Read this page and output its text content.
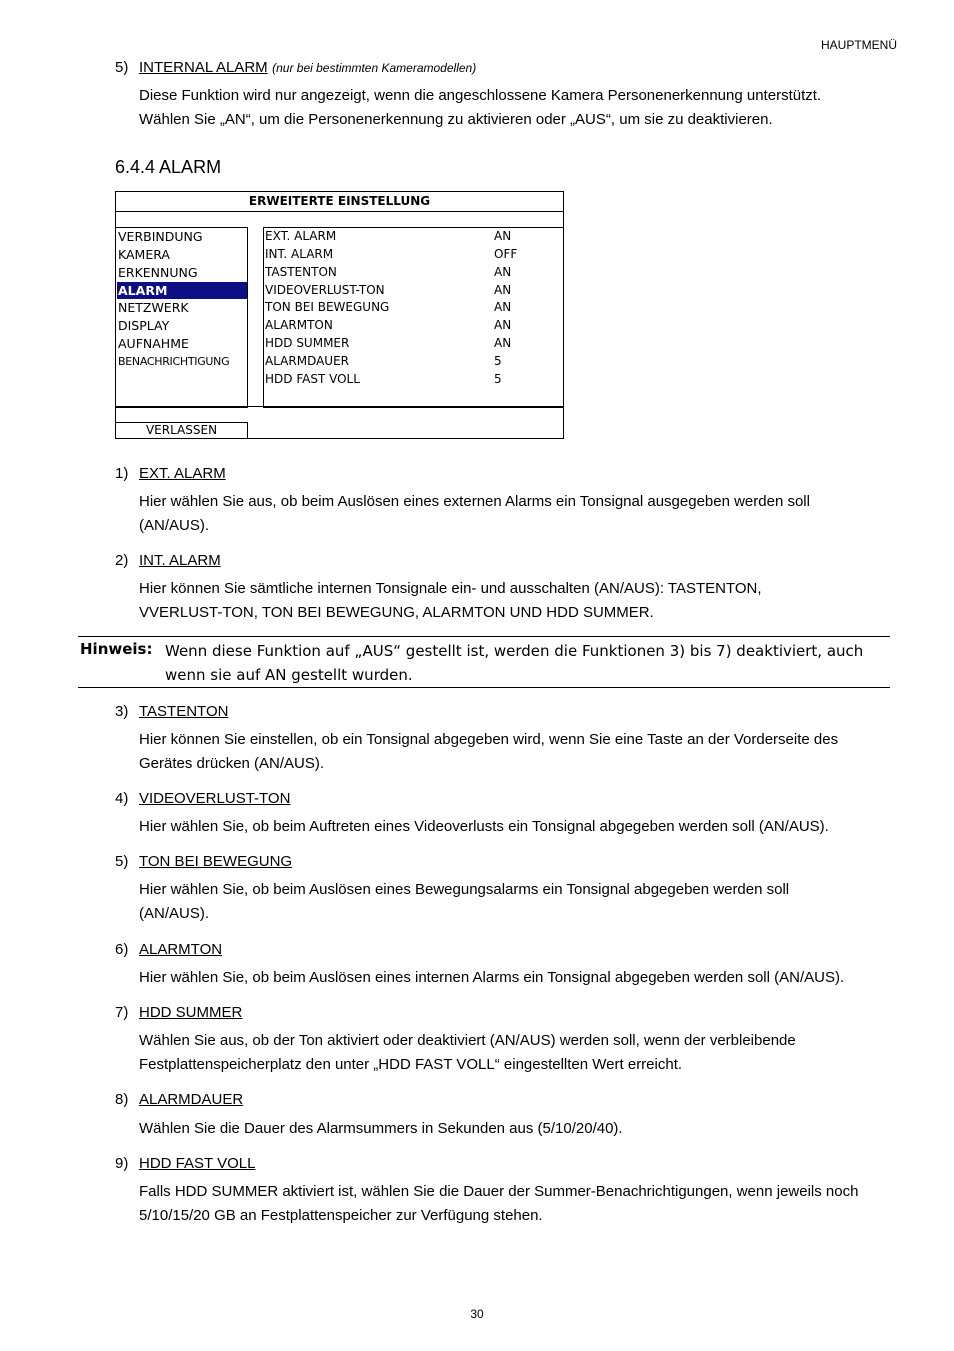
HAUPTMENÜ
5) INTERNAL ALARM (nur bei bestimmten Kameramodellen)
Diese Funktion wird nur angezeigt, wenn die angeschlossene Kamera Personenerkennung unterstützt.
Wählen Sie „AN“, um die Personenerkennung zu aktivieren oder „AUS“, um sie zu deaktivieren.
6.4.4 ALARM
ERWEITERTE EINSTELLUNG
VERBINDUNG
KAMERA
ERKENNUNG
ALARM
NETZWERK
DISPLAY
AUFNAHME
BENACHRICHTIGUNG
EXT. ALARM	AN
INT. ALARM	OFF
TASTENTON	AN
VIDEOVERLUST-TON	AN
TON BEI BEWEGUNG	AN
ALARMTON	AN
HDD SUMMER	AN
ALARMDAUER	5
HDD FAST VOLL	5
VERLASSEN
1) EXT. ALARM
Hier wählen Sie aus, ob beim Auslösen eines externen Alarms ein Tonsignal ausgegeben werden soll
(AN/AUS).
2) INT. ALARM
Hier können Sie sämtliche internen Tonsignale ein- und ausschalten (AN/AUS): TASTENTON,
VVERLUST-TON, TON BEI BEWEGUNG, ALARMTON UND HDD SUMMER.
Hinweis: Wenn diese Funktion auf „AUS“ gestellt ist, werden die Funktionen 3) bis 7) deaktiviert, auch
wenn sie auf AN gestellt wurden.
3) TASTENTON
Hier können Sie einstellen, ob ein Tonsignal abgegeben wird, wenn Sie eine Taste an der Vorderseite des
Gerätes drücken (AN/AUS).
4) VIDEOVERLUST-TON
Hier wählen Sie, ob beim Auftreten eines Videoverlusts ein Tonsignal abgegeben werden soll (AN/AUS).
5) TON BEI BEWEGUNG
Hier wählen Sie, ob beim Auslösen eines Bewegungsalarms ein Tonsignal abgegeben werden soll
(AN/AUS).
6) ALARMTON
Hier wählen Sie, ob beim Auslösen eines internen Alarms ein Tonsignal abgegeben werden soll (AN/AUS).
7) HDD SUMMER
Wählen Sie aus, ob der Ton aktiviert oder deaktiviert (AN/AUS) werden soll, wenn der verbleibende
Festplattenspeicherplatz den unter „HDD FAST VOLL“ eingestellten Wert erreicht.
8) ALARMDAUER
Wählen Sie die Dauer des Alarmsummers in Sekunden aus (5/10/20/40).
9) HDD FAST VOLL
Falls HDD SUMMER aktiviert ist, wählen Sie die Dauer der Summer-Benachrichtigungen, wenn jeweils noch
5/10/15/20 GB an Festplattenspeicher zur Verfügung stehen.
30
